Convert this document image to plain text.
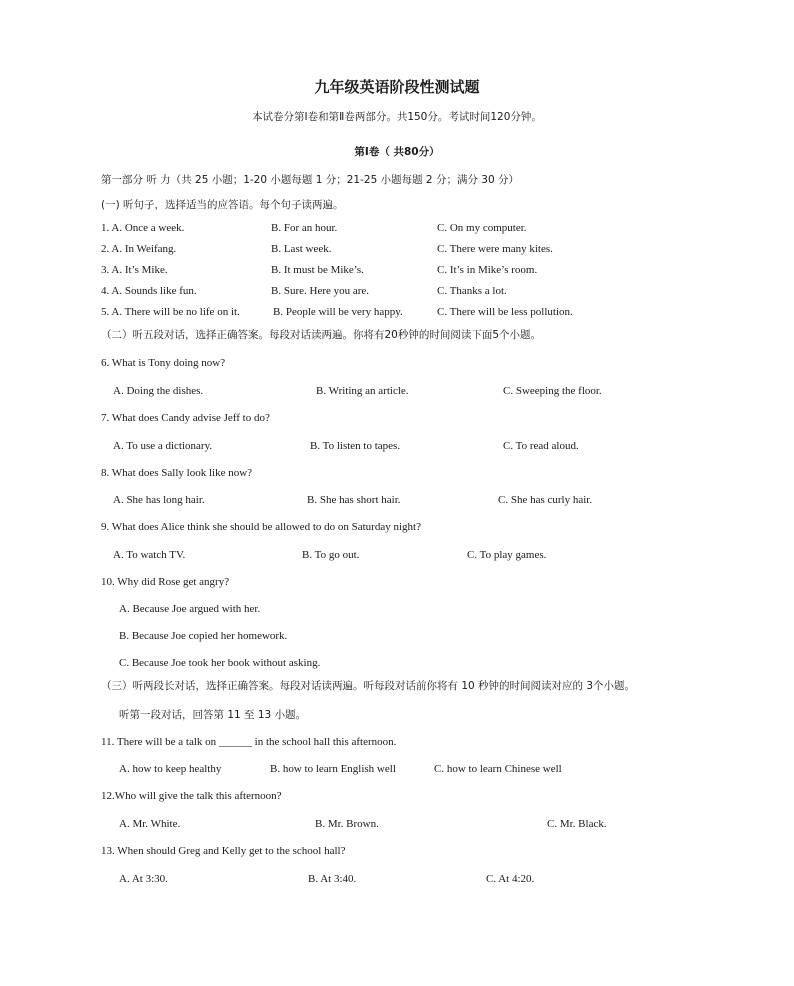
九年级英语阶段性测试题
本试卷分第Ⅰ卷和第Ⅱ卷两部分。共150分。考试时间120分钟。
第Ⅰ卷（ 共80分）
第一部分 听 力（共 25 小题；1-20 小题每题 1 分；21-25 小题每题 2 分；满分 30 分）
(一) 听句子，选择适当的应答语。每个句子读两遍。
1. A. Once a week.	B. For an hour.	C. On my computer.
2. A. In Weifang.	B. Last week.	C. There were many kites.
3. A. It’s Mike.	B. It must be Mike’s.	C. It’s in Mike’s room.
4. A. Sounds like fun.	B. Sure. Here you are.	C. Thanks a lot.
5. A. There will be no life on it.	B. People will be very happy.	C. There will be less pollution.
（二）听五段对话，选择正确答案。每段对话读两遍。你将有20秒钟的时间阅读下面5个小题。
6. What is Tony doing now?
A. Doing the dishes.	B. Writing an article.	C. Sweeping the floor.
7. What does Candy advise Jeff to do?
A. To use a dictionary.	B. To listen to tapes.	C. To read aloud.
8. What does Sally look like now?
A. She has long hair.	B. She has short hair.	C. She has curly hair.
9. What does Alice think she should be allowed to do on Saturday night?
A. To watch TV.	B. To go out.	C. To play games.
10. Why did Rose get angry?
A. Because Joe argued with her.
B. Because Joe copied her homework.
C. Because Joe took her book without asking.
（三）听两段长对话，选择正确答案。每段对话读两遍。听每段对话前你将有 10 秒钟的时间阅读对应的 3个小题。
听第一段对话，回答第 11 至 13 小题。
11. There will be a talk on ______ in the school hall this afternoon.
A. how to keep healthy	B. how to learn English well	C. how to learn Chinese well
12.Who will give the talk this afternoon?
A. Mr. White.	B. Mr. Brown.	C. Mr. Black.
13. When should Greg and Kelly get to the school hall?
A. At 3:30.	B. At 3:40.	C. At 4:20.
